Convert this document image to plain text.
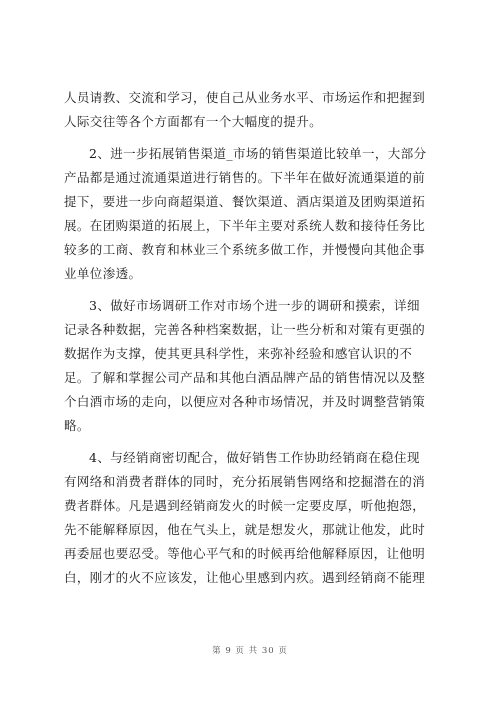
人员请教、交流和学习，使自己从业务水平、市场运作和把握到
人际交往等各个方面都有一个大幅度的提升。

2、进一步拓展销售渠道_市场的销售渠道比较单一，大部分
产品都是通过流通渠道进行销售的。下半年在做好流通渠道的前
提下，要进一步向商超渠道、餐饮渠道、酒店渠道及团购渠道拓
展。在团购渠道的拓展上，下半年主要对系统人数和接待任务比
较多的工商、教育和林业三个系统多做工作，并慢慢向其他企事
业单位渗透。

3、做好市场调研工作对市场个进一步的调研和摸索，详细
记录各种数据，完善各种档案数据，让一些分析和对策有更强的
数据作为支撑，使其更具科学性，来弥补经验和感官认识的不
足。了解和掌握公司产品和其他白酒品牌产品的销售情况以及整
个白酒市场的走向，以便应对各种市场情况，并及时调整营销策
略。

4、与经销商密切配合，做好销售工作协助经销商在稳住现
有网络和消费者群体的同时，充分拓展销售网络和挖掘潜在的消
费者群体。凡是遇到经销商发火的时候一定要皮厚，听他抱怨，
先不能解释原因，他在气头上，就是想发火，那就让他发，此时
再委屈也要忍受。等他心平气和的时候再给他解释原因，让他明
白，刚才的火不应该发，让他心里感到内疚。遇到经销商不能理

第 9 页 共 30 页
